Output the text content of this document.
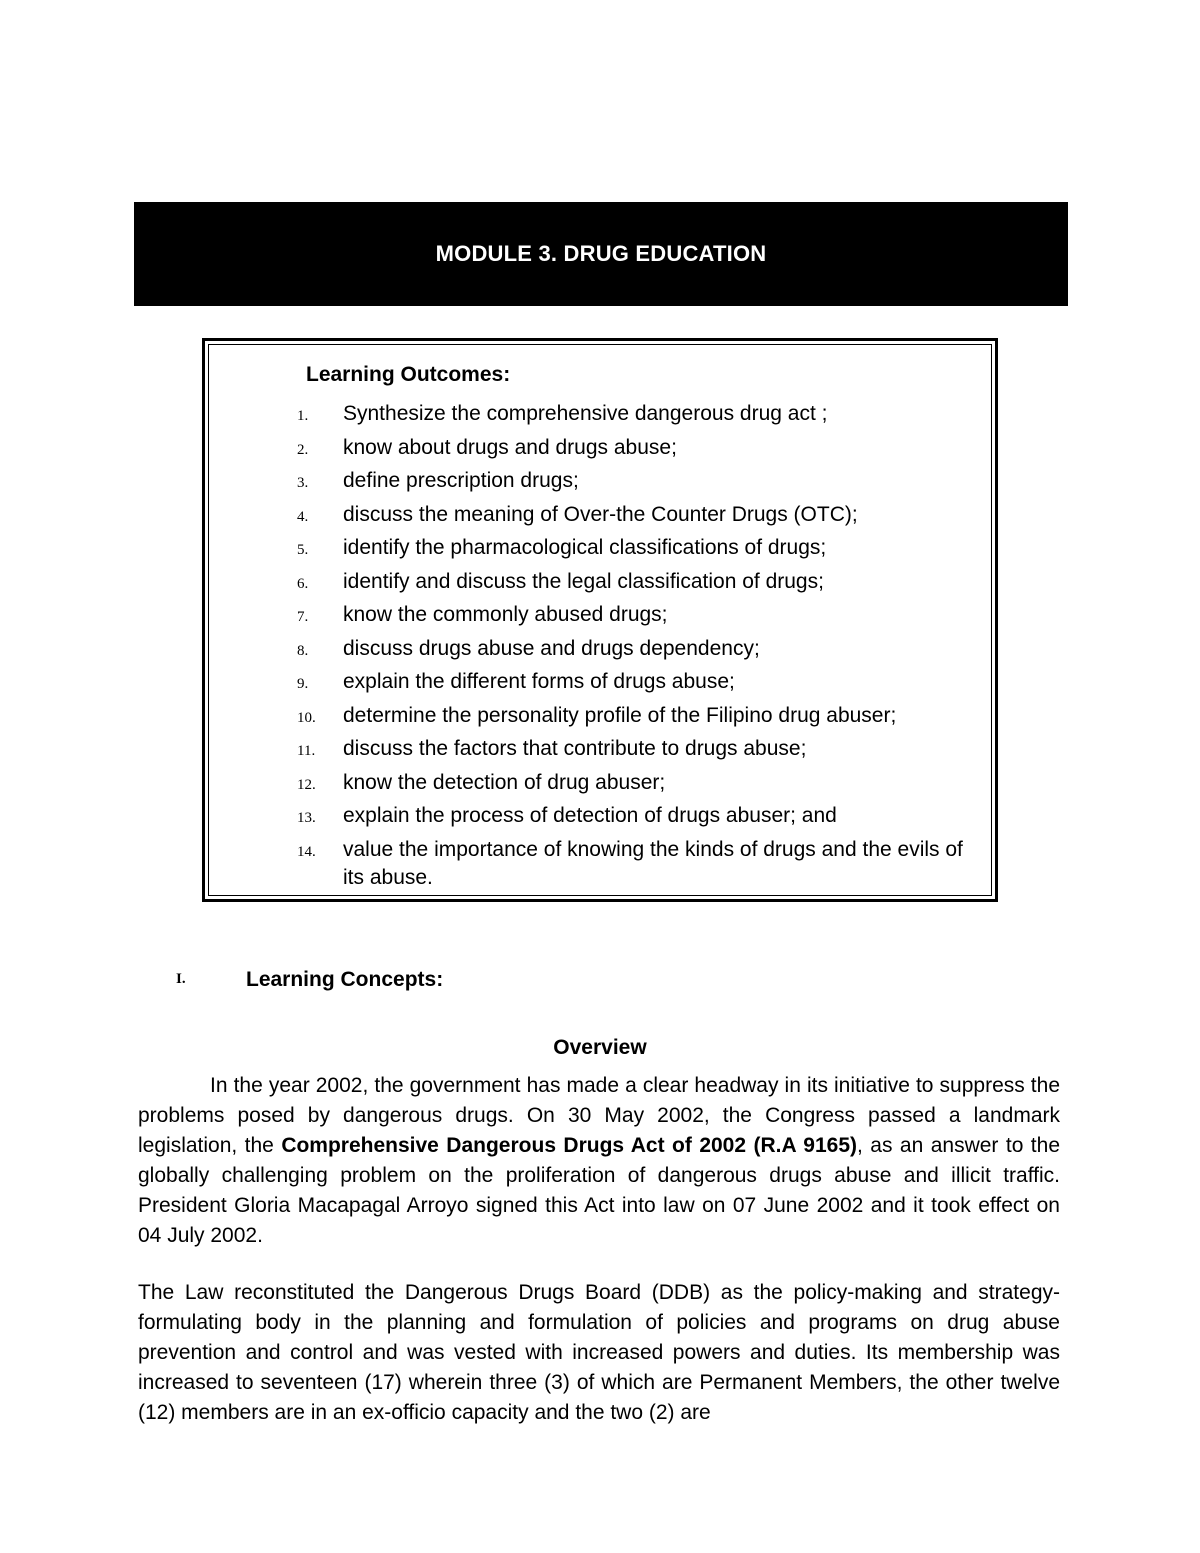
MODULE 3. DRUG EDUCATION
Learning Outcomes:
1.	Synthesize the comprehensive dangerous drug act ;
2.	know about drugs and drugs abuse;
3.	define prescription drugs;
4.	discuss the meaning of Over-the Counter Drugs (OTC);
5.	identify the pharmacological classifications of drugs;
6.	identify and discuss the legal classification of drugs;
7.	know the commonly abused drugs;
8.	discuss drugs abuse and drugs dependency;
9.	explain the different forms of drugs abuse;
10.	determine the personality profile of the Filipino drug abuser;
11.	discuss the factors that contribute to drugs abuse;
12.	know the detection of drug abuser;
13.	explain the process of detection of drugs abuser; and
14.	value the importance of knowing the kinds of drugs and the evils of its abuse.
I.	Learning Concepts:
Overview

In the year 2002, the government has made a clear headway in its initiative to suppress the problems posed by dangerous drugs. On 30 May 2002, the Congress passed a landmark legislation, the Comprehensive Dangerous Drugs Act of 2002 (R.A 9165), as an answer to the globally challenging problem on the proliferation of dangerous drugs abuse and illicit traffic. President Gloria Macapagal Arroyo signed this Act into law on 07 June 2002 and it took effect on 04 July 2002.

The Law reconstituted the Dangerous Drugs Board (DDB) as the policy-making and strategy-formulating body in the planning and formulation of policies and programs on drug abuse prevention and control and was vested with increased powers and duties. Its membership was increased to seventeen (17) wherein three (3) of which are Permanent Members, the other twelve (12) members are in an ex-officio capacity and the two (2) are
